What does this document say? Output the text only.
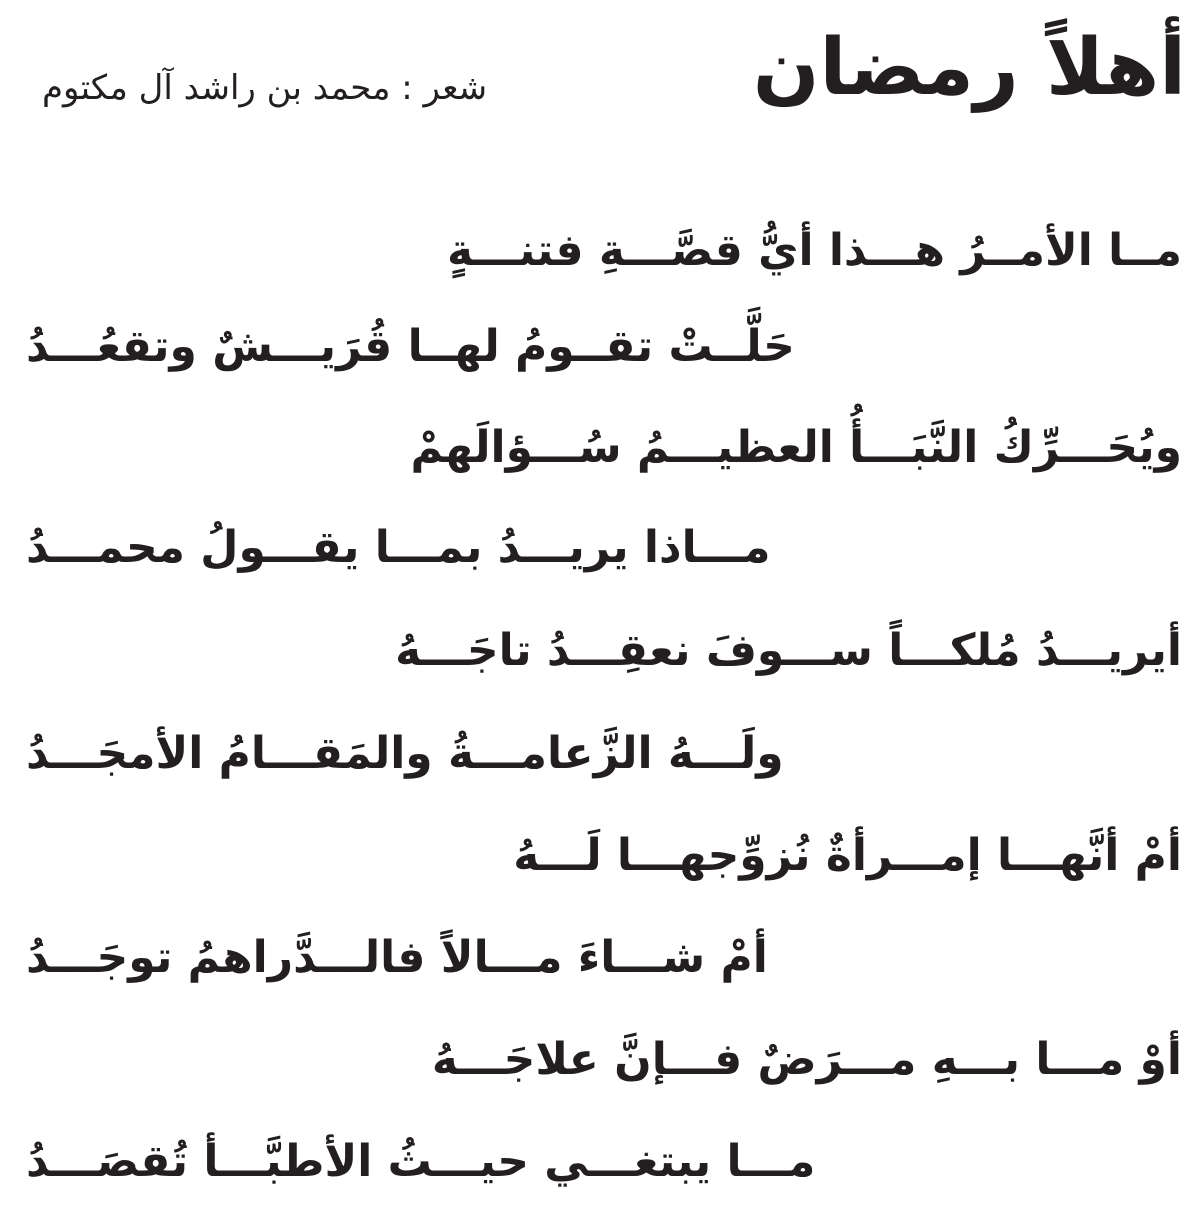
أهلاً رمضان

شعر : محمد بن راشد آل مكتوم

مــا الأمــرُ هـــذا أيُّ قصَّـــةِ فتنـــةٍ

حَلَّــتْ تقــومُ لهــا قُرَيـــشٌ وتقعُـــدُ

ويُحَـــرِّكُ النَّبَـــأُ العظيـــمُ سُـــؤالَهمْ

مـــاذا يريـــدُ بمـــا يقـــولُ محمـــدُ

أيريـــدُ مُلكـــاً ســـوفَ نعقِـــدُ تاجَـــهُ

ولَـــهُ الزَّعامـــةُ والمَقـــامُ الأمجَـــدُ

أمْ أنَّهـــا إمـــرأةٌ نُزوِّجهـــا لَـــهُ

أمْ شـــاءَ مـــالاً فالـــدَّراهمُ توجَـــدُ

أوْ مـــا بـــهِ مـــرَضٌ فـــإنَّ علاجَـــهُ

مـــا يبتغـــي حيـــثُ الأطبَّـــأ تُقصَـــدُ
